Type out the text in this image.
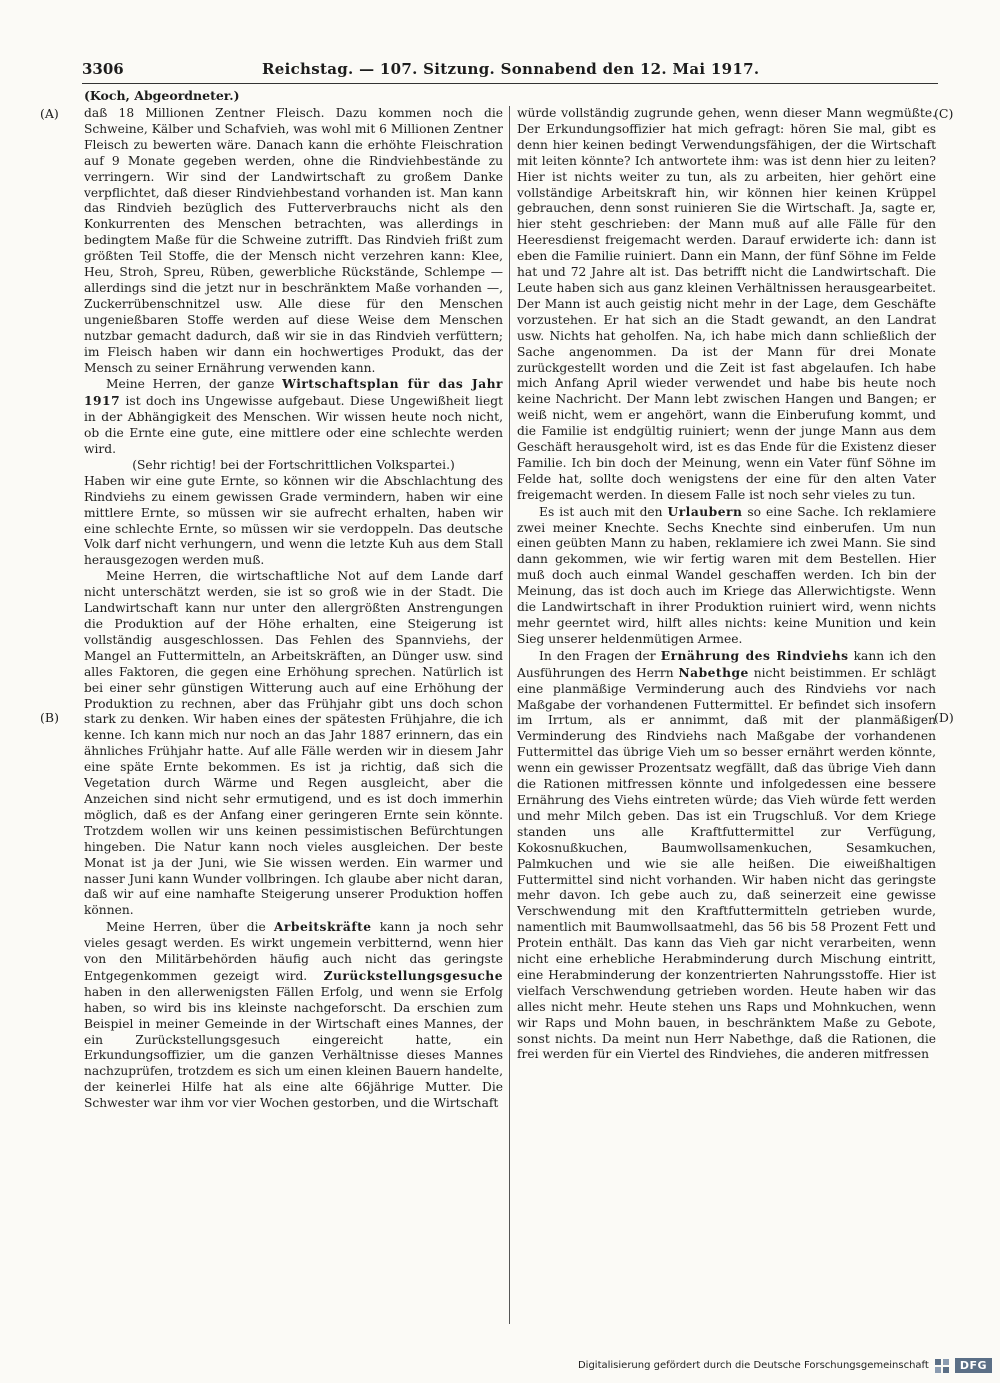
3306	Reichstag. — 107. Sitzung. Sonnabend den 12. Mai 1917.
(Koch, Abgeordneter.)
(A)
(B)
(C)
(D)

daß 18 Millionen Zentner Fleisch. Dazu kommen noch die Schweine, Kälber und Schafvieh, was wohl mit 6 Millionen Zentner Fleisch zu bewerten wäre. Danach kann die erhöhte Fleischration auf 9 Monate gegeben werden, ohne die Rindviehbestände zu verringern. Wir sind der Landwirtschaft zu großem Danke verpflichtet, daß dieser Rindviehbestand vorhanden ist. Man kann das Rindvieh bezüglich des Futterverbrauchs nicht als den Konkurrenten des Menschen betrachten, was allerdings in bedingtem Maße für die Schweine zutrifft. Das Rindvieh frißt zum größten Teil Stoffe, die der Mensch nicht verzehren kann: Klee, Heu, Stroh, Spreu, Rüben, gewerbliche Rückstände, Schlempe — allerdings sind die jetzt nur in beschränktem Maße vorhanden —, Zuckerrübenschnitzel usw. Alle diese für den Menschen ungenießbaren Stoffe werden auf diese Weise dem Menschen nutzbar gemacht dadurch, daß wir sie in das Rindvieh verfüttern; im Fleisch haben wir dann ein hochwertiges Produkt, das der Mensch zu seiner Ernährung verwenden kann.

Meine Herren, der ganze Wirtschaftsplan für das Jahr 1917 ist doch ins Ungewisse aufgebaut. Diese Ungewißheit liegt in der Abhängigkeit des Menschen. Wir wissen heute noch nicht, ob die Ernte eine gute, eine mittlere oder eine schlechte werden wird.

(Sehr richtig! bei der Fortschrittlichen Volkspartei.)

Haben wir eine gute Ernte, so können wir die Abschlachtung des Rindviehs zu einem gewissen Grade vermindern, haben wir eine mittlere Ernte, so müssen wir sie aufrecht erhalten, haben wir eine schlechte Ernte, so müssen wir sie verdoppeln. Das deutsche Volk darf nicht verhungern, und wenn die letzte Kuh aus dem Stall herausgezogen werden muß.

Meine Herren, die wirtschaftliche Not auf dem Lande darf nicht unterschätzt werden, sie ist so groß wie in der Stadt. Die Landwirtschaft kann nur unter den allergrößten Anstrengungen die Produktion auf der Höhe erhalten, eine Steigerung ist vollständig ausgeschlossen. Das Fehlen des Spannviehs, der Mangel an Futtermitteln, an Arbeitskräften, an Dünger usw. sind alles Faktoren, die gegen eine Erhöhung sprechen. Natürlich ist bei einer sehr günstigen Witterung auch auf eine Erhöhung der Produktion zu rechnen, aber das Frühjahr gibt uns doch schon stark zu denken. Wir haben eines der spätesten Frühjahre, die ich kenne. Ich kann mich nur noch an das Jahr 1887 erinnern, das ein ähnliches Frühjahr hatte. Auf alle Fälle werden wir in diesem Jahr eine späte Ernte bekommen. Es ist ja richtig, daß sich die Vegetation durch Wärme und Regen ausgleicht, aber die Anzeichen sind nicht sehr ermutigend, und es ist doch immerhin möglich, daß es der Anfang einer geringeren Ernte sein könnte. Trotzdem wollen wir uns keinen pessimistischen Befürchtungen hingeben. Die Natur kann noch vieles ausgleichen. Der beste Monat ist ja der Juni, wie Sie wissen werden. Ein warmer und nasser Juni kann Wunder vollbringen. Ich glaube aber nicht daran, daß wir auf eine namhafte Steigerung unserer Produktion hoffen können.

Meine Herren, über die Arbeitskräfte kann ja noch sehr vieles gesagt werden. Es wirkt ungemein verbitternd, wenn hier von den Militärbehörden häufig auch nicht das geringste Entgegenkommen gezeigt wird. Zurückstellungsgesuche haben in den allerwenigsten Fällen Erfolg, und wenn sie Erfolg haben, so wird bis ins kleinste nachgeforscht. Da erschien zum Beispiel in meiner Gemeinde in der Wirtschaft eines Mannes, der ein Zurückstellungsgesuch eingereicht hatte, ein Erkundungsoffizier, um die ganzen Verhältnisse dieses Mannes nachzuprüfen, trotzdem es sich um einen kleinen Bauern handelte, der keinerlei Hilfe hat als eine alte 66jährige Mutter. Die Schwester war ihm vor vier Wochen gestorben, und die Wirtschaft

würde vollständig zugrunde gehen, wenn dieser Mann wegmüßte. Der Erkundungsoffizier hat mich gefragt: hören Sie mal, gibt es denn hier keinen bedingt Verwendungsfähigen, der die Wirtschaft mit leiten könnte? Ich antwortete ihm: was ist denn hier zu leiten? Hier ist nichts weiter zu tun, als zu arbeiten, hier gehört eine vollständige Arbeitskraft hin, wir können hier keinen Krüppel gebrauchen, denn sonst ruinieren Sie die Wirtschaft. Ja, sagte er, hier steht geschrieben: der Mann muß auf alle Fälle für den Heeresdienst freigemacht werden. Darauf erwiderte ich: dann ist eben die Familie ruiniert. Dann ein Mann, der fünf Söhne im Felde hat und 72 Jahre alt ist. Das betrifft nicht die Landwirtschaft. Die Leute haben sich aus ganz kleinen Verhältnissen herausgearbeitet. Der Mann ist auch geistig nicht mehr in der Lage, dem Geschäfte vorzustehen. Er hat sich an die Stadt gewandt, an den Landrat usw. Nichts hat geholfen. Na, ich habe mich dann schließlich der Sache angenommen. Da ist der Mann für drei Monate zurückgestellt worden und die Zeit ist fast abgelaufen. Ich habe mich Anfang April wieder verwendet und habe bis heute noch keine Nachricht. Der Mann lebt zwischen Hangen und Bangen; er weiß nicht, wem er angehört, wann die Einberufung kommt, und die Familie ist endgültig ruiniert; wenn der junge Mann aus dem Geschäft herausgeholt wird, ist es das Ende für die Existenz dieser Familie. Ich bin doch der Meinung, wenn ein Vater fünf Söhne im Felde hat, sollte doch wenigstens der eine für den alten Vater freigemacht werden. In diesem Falle ist noch sehr vieles zu tun.

Es ist auch mit den Urlaubern so eine Sache. Ich reklamiere zwei meiner Knechte. Sechs Knechte sind einberufen. Um nun einen geübten Mann zu haben, reklamiere ich zwei Mann. Sie sind dann gekommen, wie wir fertig waren mit dem Bestellen. Hier muß doch auch einmal Wandel geschaffen werden. Ich bin der Meinung, das ist doch auch im Kriege das Allerwichtigste. Wenn die Landwirtschaft in ihrer Produktion ruiniert wird, wenn nichts mehr geerntet wird, hilft alles nichts: keine Munition und kein Sieg unserer heldenmütigen Armee.

In den Fragen der Ernährung des Rindviehs kann ich den Ausführungen des Herrn Nabethge nicht beistimmen. Er schlägt eine planmäßige Verminderung auch des Rindviehs vor nach Maßgabe der vorhandenen Futtermittel. Er befindet sich insofern im Irrtum, als er annimmt, daß mit der planmäßigen Verminderung des Rindviehs nach Maßgabe der vorhandenen Futtermittel das übrige Vieh um so besser ernährt werden könnte, wenn ein gewisser Prozentsatz wegfällt, daß das übrige Vieh dann die Rationen mitfressen könnte und infolgedessen eine bessere Ernährung des Viehs eintreten würde; das Vieh würde fett werden und mehr Milch geben. Das ist ein Trugschluß. Vor dem Kriege standen uns alle Kraftfuttermittel zur Verfügung, Kokosnußkuchen, Baumwollsamenkuchen, Sesamkuchen, Palmkuchen und wie sie alle heißen. Die eiweißhaltigen Futtermittel sind nicht vorhanden. Wir haben nicht das geringste mehr davon. Ich gebe auch zu, daß seinerzeit eine gewisse Verschwendung mit den Kraftfuttermitteln getrieben wurde, namentlich mit Baumwollsaatmehl, das 56 bis 58 Prozent Fett und Protein enthält. Das kann das Vieh gar nicht verarbeiten, wenn nicht eine erhebliche Herabminderung durch Mischung eintritt, eine Herabminderung der konzentrierten Nahrungsstoffe. Hier ist vielfach Verschwendung getrieben worden. Heute haben wir das alles nicht mehr. Heute stehen uns Raps und Mohnkuchen, wenn wir Raps und Mohn bauen, in beschränktem Maße zu Gebote, sonst nichts. Da meint nun Herr Nabethge, daß die Rationen, die frei werden für ein Viertel des Rindviehes, die anderen mitfressen

Digitalisierung gefördert durch die Deutsche Forschungsgemeinschaft	DFG
